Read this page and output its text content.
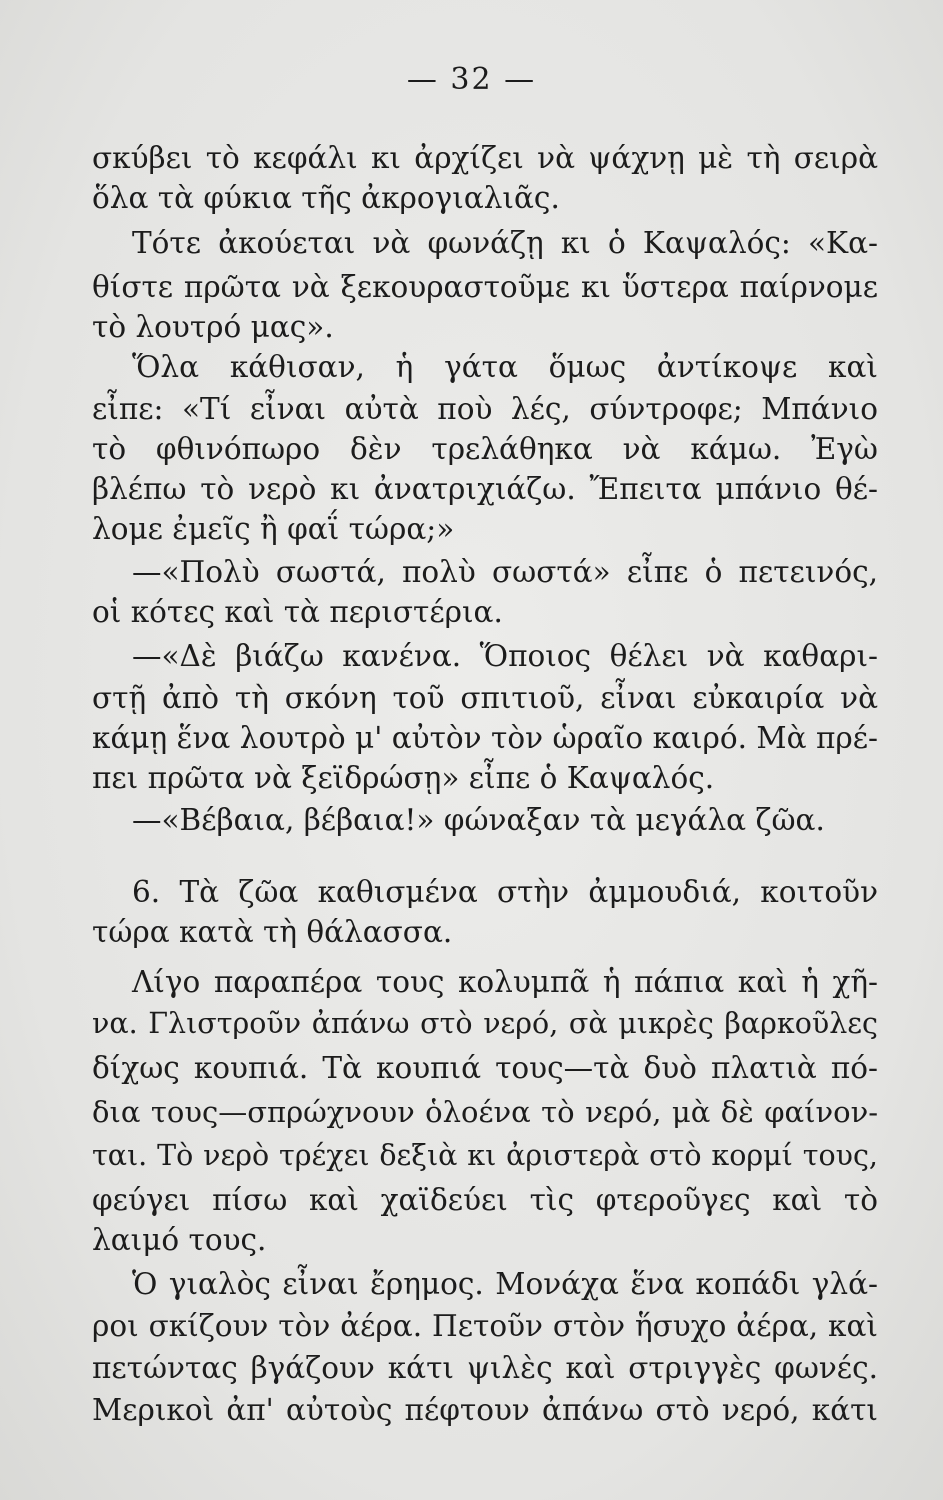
— 32 —
σκύβει τὸ κεφάλι κι ἀρχίζει νὰ ψάχνῃ μὲ τὴ σειρὰ
ὅλα τὰ φύκια τῆς ἀκρογιαλιᾶς.
Τότε ἀκούεται νὰ φωνάζῃ κι ὁ Καψαλός: «Κα-
θίστε πρῶτα νὰ ξεκουραστοῦμε κι ὕστερα παίρνομε
τὸ λουτρό μας».
Ὅλα κάθισαν, ἡ γάτα ὅμως ἀντίκοψε καὶ
εἶπε: «Τί εἶναι αὐτὰ ποὺ λές, σύντροφε; Μπάνιο
τὸ φθινόπωρο δὲν τρελάθηκα νὰ κάμω. Ἐγὼ
βλέπω τὸ νερὸ κι ἀνατριχιάζω. Ἔπειτα μπάνιο θέ-
λομε ἐμεῖς ἢ φαΐ τώρα;»
—«Πολὺ σωστά, πολὺ σωστά» εἶπε ὁ πετεινός,
οἱ κότες καὶ τὰ περιστέρια.
—«Δὲ βιάζω κανένα. Ὅποιος θέλει νὰ καθαρι-
στῇ ἀπὸ τὴ σκόνη τοῦ σπιτιοῦ, εἶναι εὐκαιρία νὰ
κάμῃ ἕνα λουτρὸ μ' αὐτὸν τὸν ὡραῖο καιρό. Μὰ πρέ-
πει πρῶτα νὰ ξεϊδρώσῃ» εἶπε ὁ Καψαλός.
—«Βέβαια, βέβαια!» φώναξαν τὰ μεγάλα ζῶα.
6. Τὰ ζῶα καθισμένα στὴν ἀμμουδιά, κοιτοῦν
τώρα κατὰ τὴ θάλασσα.
Λίγο παραπέρα τους κολυμπᾶ ἡ πάπια καὶ ἡ χῆ-
να. Γλιστροῦν ἀπάνω στὸ νερό, σὰ μικρὲς βαρκοῦλες
δίχως κουπιά. Τὰ κουπιά τους—τὰ δυὸ πλατιὰ πό-
δια τους—σπρώχνουν ὁλοένα τὸ νερό, μὰ δὲ φαίνον-
ται. Τὸ νερὸ τρέχει δεξιὰ κι ἀριστερὰ στὸ κορμί τους,
φεύγει πίσω καὶ χαϊδεύει τὶς φτεροῦγες καὶ τὸ
λαιμό τους.
Ὁ γιαλὸς εἶναι ἔρημος. Μονάχα ἕνα κοπάδι γλά-
ροι σκίζουν τὸν ἀέρα. Πετοῦν στὸν ἥσυχο ἀέρα, καὶ
πετώντας βγάζουν κάτι ψιλὲς καὶ στριγγὲς φωνές.
Μερικοὶ ἀπ' αὐτοὺς πέφτουν ἀπάνω στὸ νερό, κάτι
